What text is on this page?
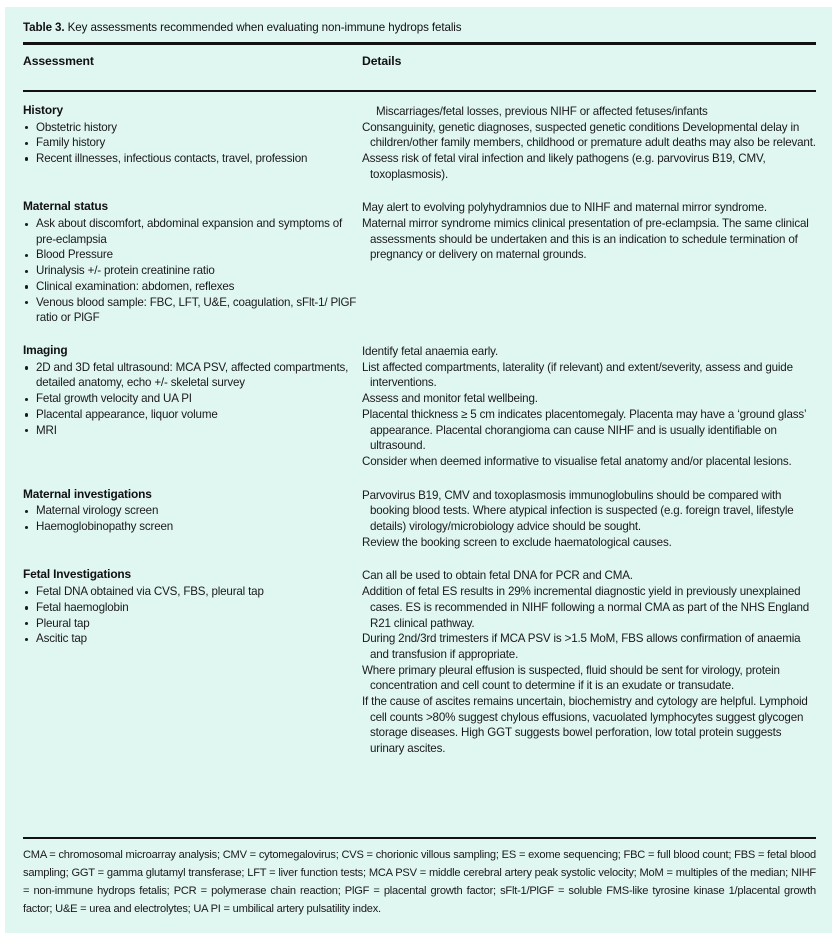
Table 3. Key assessments recommended when evaluating non-immune hydrops fetalis
Assessment	Details
History
Obstetric history
Family history
Recent illnesses, infectious contacts, travel, profession

Miscarriages/fetal losses, previous NIHF or affected fetuses/infants

Consanguinity, genetic diagnoses, suspected genetic conditions Developmental delay in children/other family members, childhood or premature adult deaths may also be relevant.

Assess risk of fetal viral infection and likely pathogens (e.g. parvovirus B19, CMV, toxoplasmosis).

Maternal status
Ask about discomfort, abdominal expansion and symptoms of pre-eclampsia
Blood Pressure
Urinalysis +/- protein creatinine ratio
Clinical examination: abdomen, reflexes
Venous blood sample: FBC, LFT, U&E, coagulation, sFlt-1/ PlGF ratio or PlGF

May alert to evolving polyhydramnios due to NIHF and maternal mirror syndrome.

Maternal mirror syndrome mimics clinical presentation of pre-eclampsia. The same clinical assessments should be undertaken and this is an indication to schedule termination of pregnancy or delivery on maternal grounds.

Imaging
2D and 3D fetal ultrasound: MCA PSV, affected compartments, detailed anatomy, echo +/- skeletal survey
Fetal growth velocity and UA PI
Placental appearance, liquor volume
MRI

Identify fetal anaemia early.

List affected compartments, laterality (if relevant) and extent/severity, assess and guide interventions.

Assess and monitor fetal wellbeing.

Placental thickness ≥ 5 cm indicates placentomegaly. Placenta may have a ‘ground glass’ appearance. Placental chorangioma can cause NIHF and is usually identifiable on ultrasound.

Consider when deemed informative to visualise fetal anatomy and/or placental lesions.

Maternal investigations
Maternal virology screen
Haemoglobinopathy screen

Parvovirus B19, CMV and toxoplasmosis immunoglobulins should be compared with booking blood tests. Where atypical infection is suspected (e.g. foreign travel, lifestyle details) virology/microbiology advice should be sought.

Review the booking screen to exclude haematological causes.

Fetal Investigations
Fetal DNA obtained via CVS, FBS, pleural tap
Fetal haemoglobin
Pleural tap
Ascitic tap

Can all be used to obtain fetal DNA for PCR and CMA.

Addition of fetal ES results in 29% incremental diagnostic yield in previously unexplained cases. ES is recommended in NIHF following a normal CMA as part of the NHS England R21 clinical pathway.

During 2nd/3rd trimesters if MCA PSV is >1.5 MoM, FBS allows confirmation of anaemia and transfusion if appropriate.

Where primary pleural effusion is suspected, fluid should be sent for virology, protein concentration and cell count to determine if it is an exudate or transudate.

If the cause of ascites remains uncertain, biochemistry and cytology are helpful. Lymphoid cell counts >80% suggest chylous effusions, vacuolated lymphocytes suggest glycogen storage diseases. High GGT suggests bowel perforation, low total protein suggests urinary ascites.

CMA = chromosomal microarray analysis; CMV = cytomegalovirus; CVS = chorionic villous sampling; ES = exome sequencing; FBC = full blood count; FBS = fetal blood sampling; GGT = gamma glutamyl transferase; LFT = liver function tests; MCA PSV = middle cerebral artery peak systolic velocity; MoM = multiples of the median; NIHF = non-immune hydrops fetalis; PCR = polymerase chain reaction; PlGF = placental growth factor; sFlt-1/PlGF = soluble FMS-like tyrosine kinase 1/placental growth factor; U&E = urea and electrolytes; UA PI = umbilical artery pulsatility index.
